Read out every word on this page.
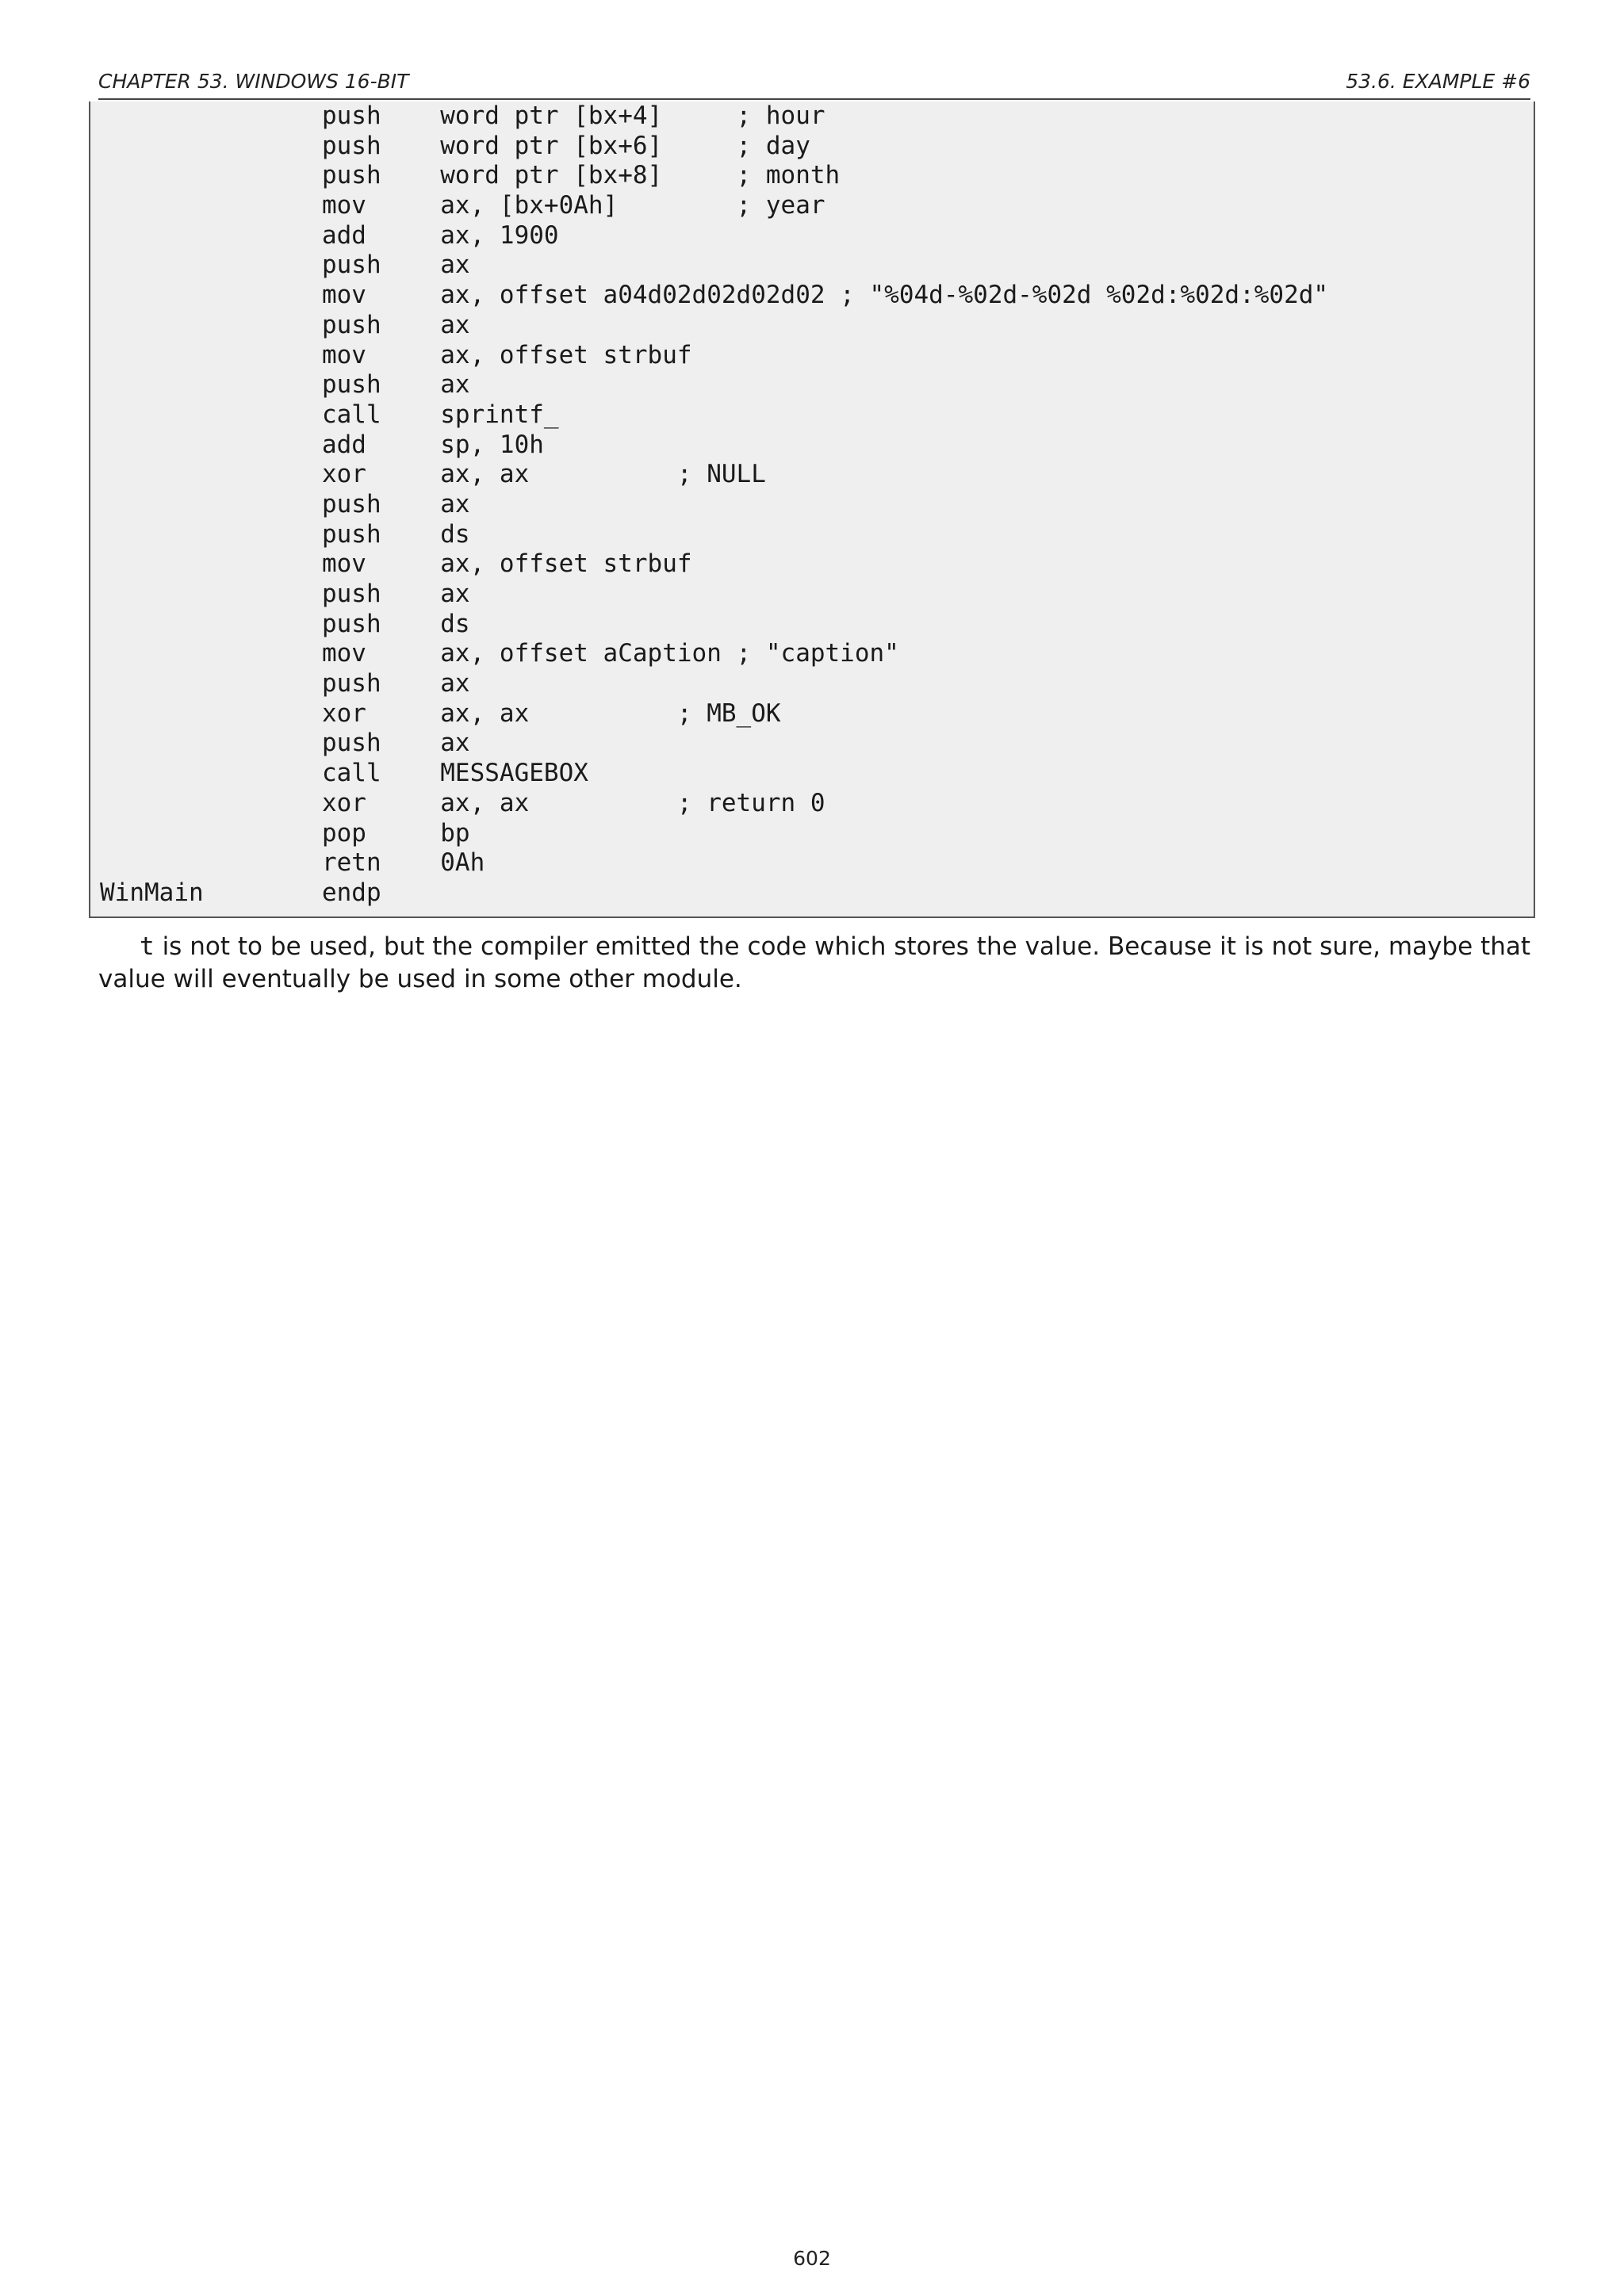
CHAPTER 53. WINDOWS 16-BIT	53.6. EXAMPLE #6
push    word ptr [bx+4]     ; hour
push    word ptr [bx+6]     ; day
push    word ptr [bx+8]     ; month
mov     ax, [bx+0Ah]        ; year
add     ax, 1900
push    ax
mov     ax, offset a04d02d02d02d02 ; "%04d-%02d-%02d %02d:%02d:%02d"
push    ax
mov     ax, offset strbuf
push    ax
call    sprintf_
add     sp, 10h
xor     ax, ax          ; NULL
push    ax
push    ds
mov     ax, offset strbuf
push    ax
push    ds
mov     ax, offset aCaption ; "caption"
push    ax
xor     ax, ax          ; MB_OK
push    ax
call    MESSAGEBOX
xor     ax, ax          ; return 0
pop     bp
retn    0Ah
WinMain        endp

t is not to be used, but the compiler emitted the code which stores the value. Because it is not sure, maybe that value will eventually be used in some other module.

602
